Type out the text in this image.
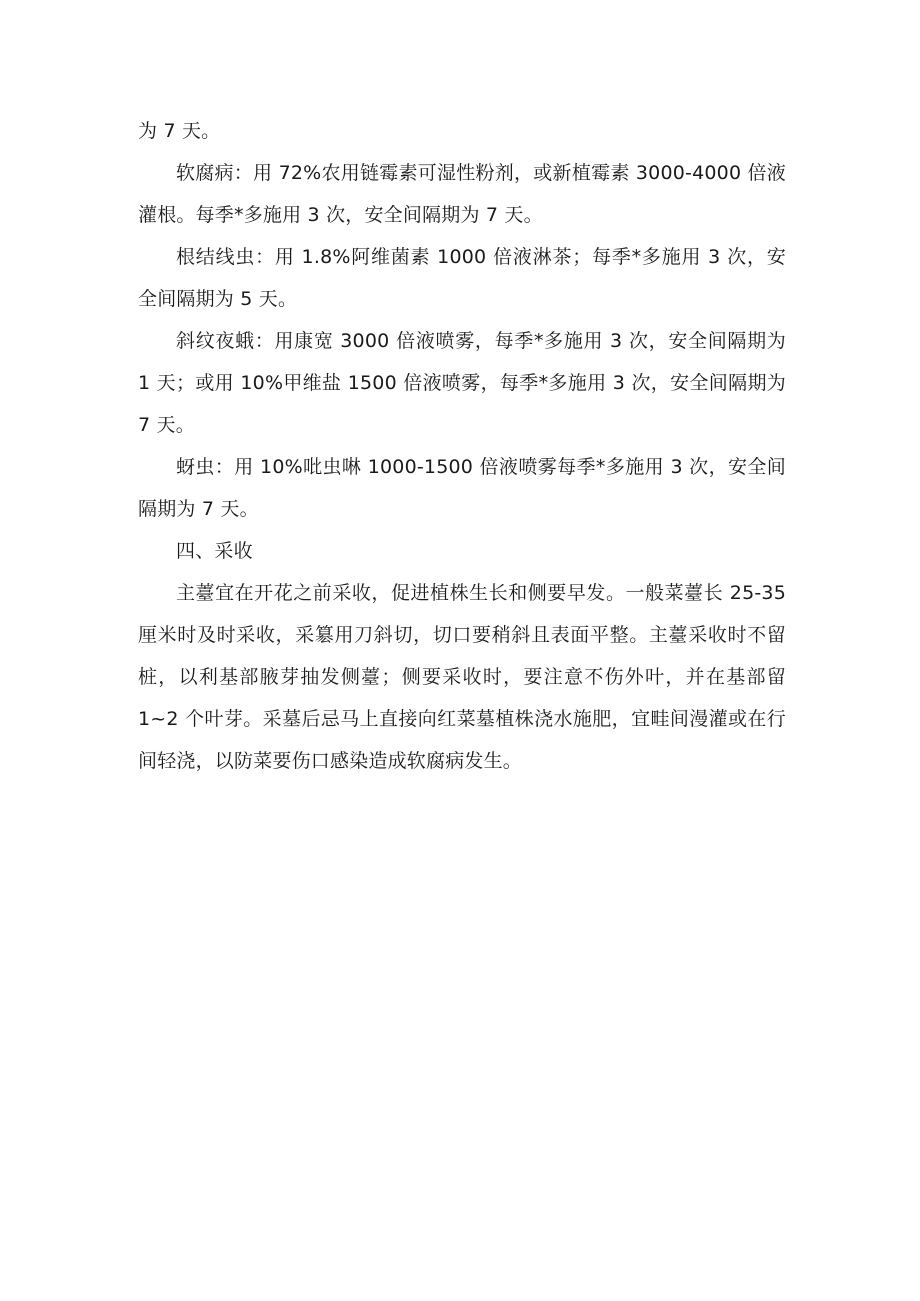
为 7 天。

软腐病：用 72%农用链霉素可湿性粉剂，或新植霉素 3000-4000 倍液灌根。每季*多施用 3 次，安全间隔期为 7 天。

根结线虫：用 1.8%阿维菌素 1000 倍液淋茶；每季*多施用 3 次，安全间隔期为 5 天。

斜纹夜蛾：用康宽 3000 倍液喷雾，每季*多施用 3 次，安全间隔期为 1 天；或用 10%甲维盐 1500 倍液喷雾，每季*多施用 3 次，安全间隔期为 7 天。

蚜虫：用 10%吡虫啉 1000-1500 倍液喷雾每季*多施用 3 次，安全间隔期为 7 天。

四、采收

主薹宜在开花之前采收，促进植株生长和侧要早发。一般菜薹长 25-35 厘米时及时采收，采簒用刀斜切，切口要稍斜且表面平整。主薹采收时不留桩，以利基部腋芽抽发侧薹；侧要采收时，要注意不伤外叶，并在基部留 1~2 个叶芽。采墓后忌马上直接向红菜墓植株浇水施肥，宜畦间漫灌或在行间轻浇，以防菜要伤口感染造成软腐病发生。
